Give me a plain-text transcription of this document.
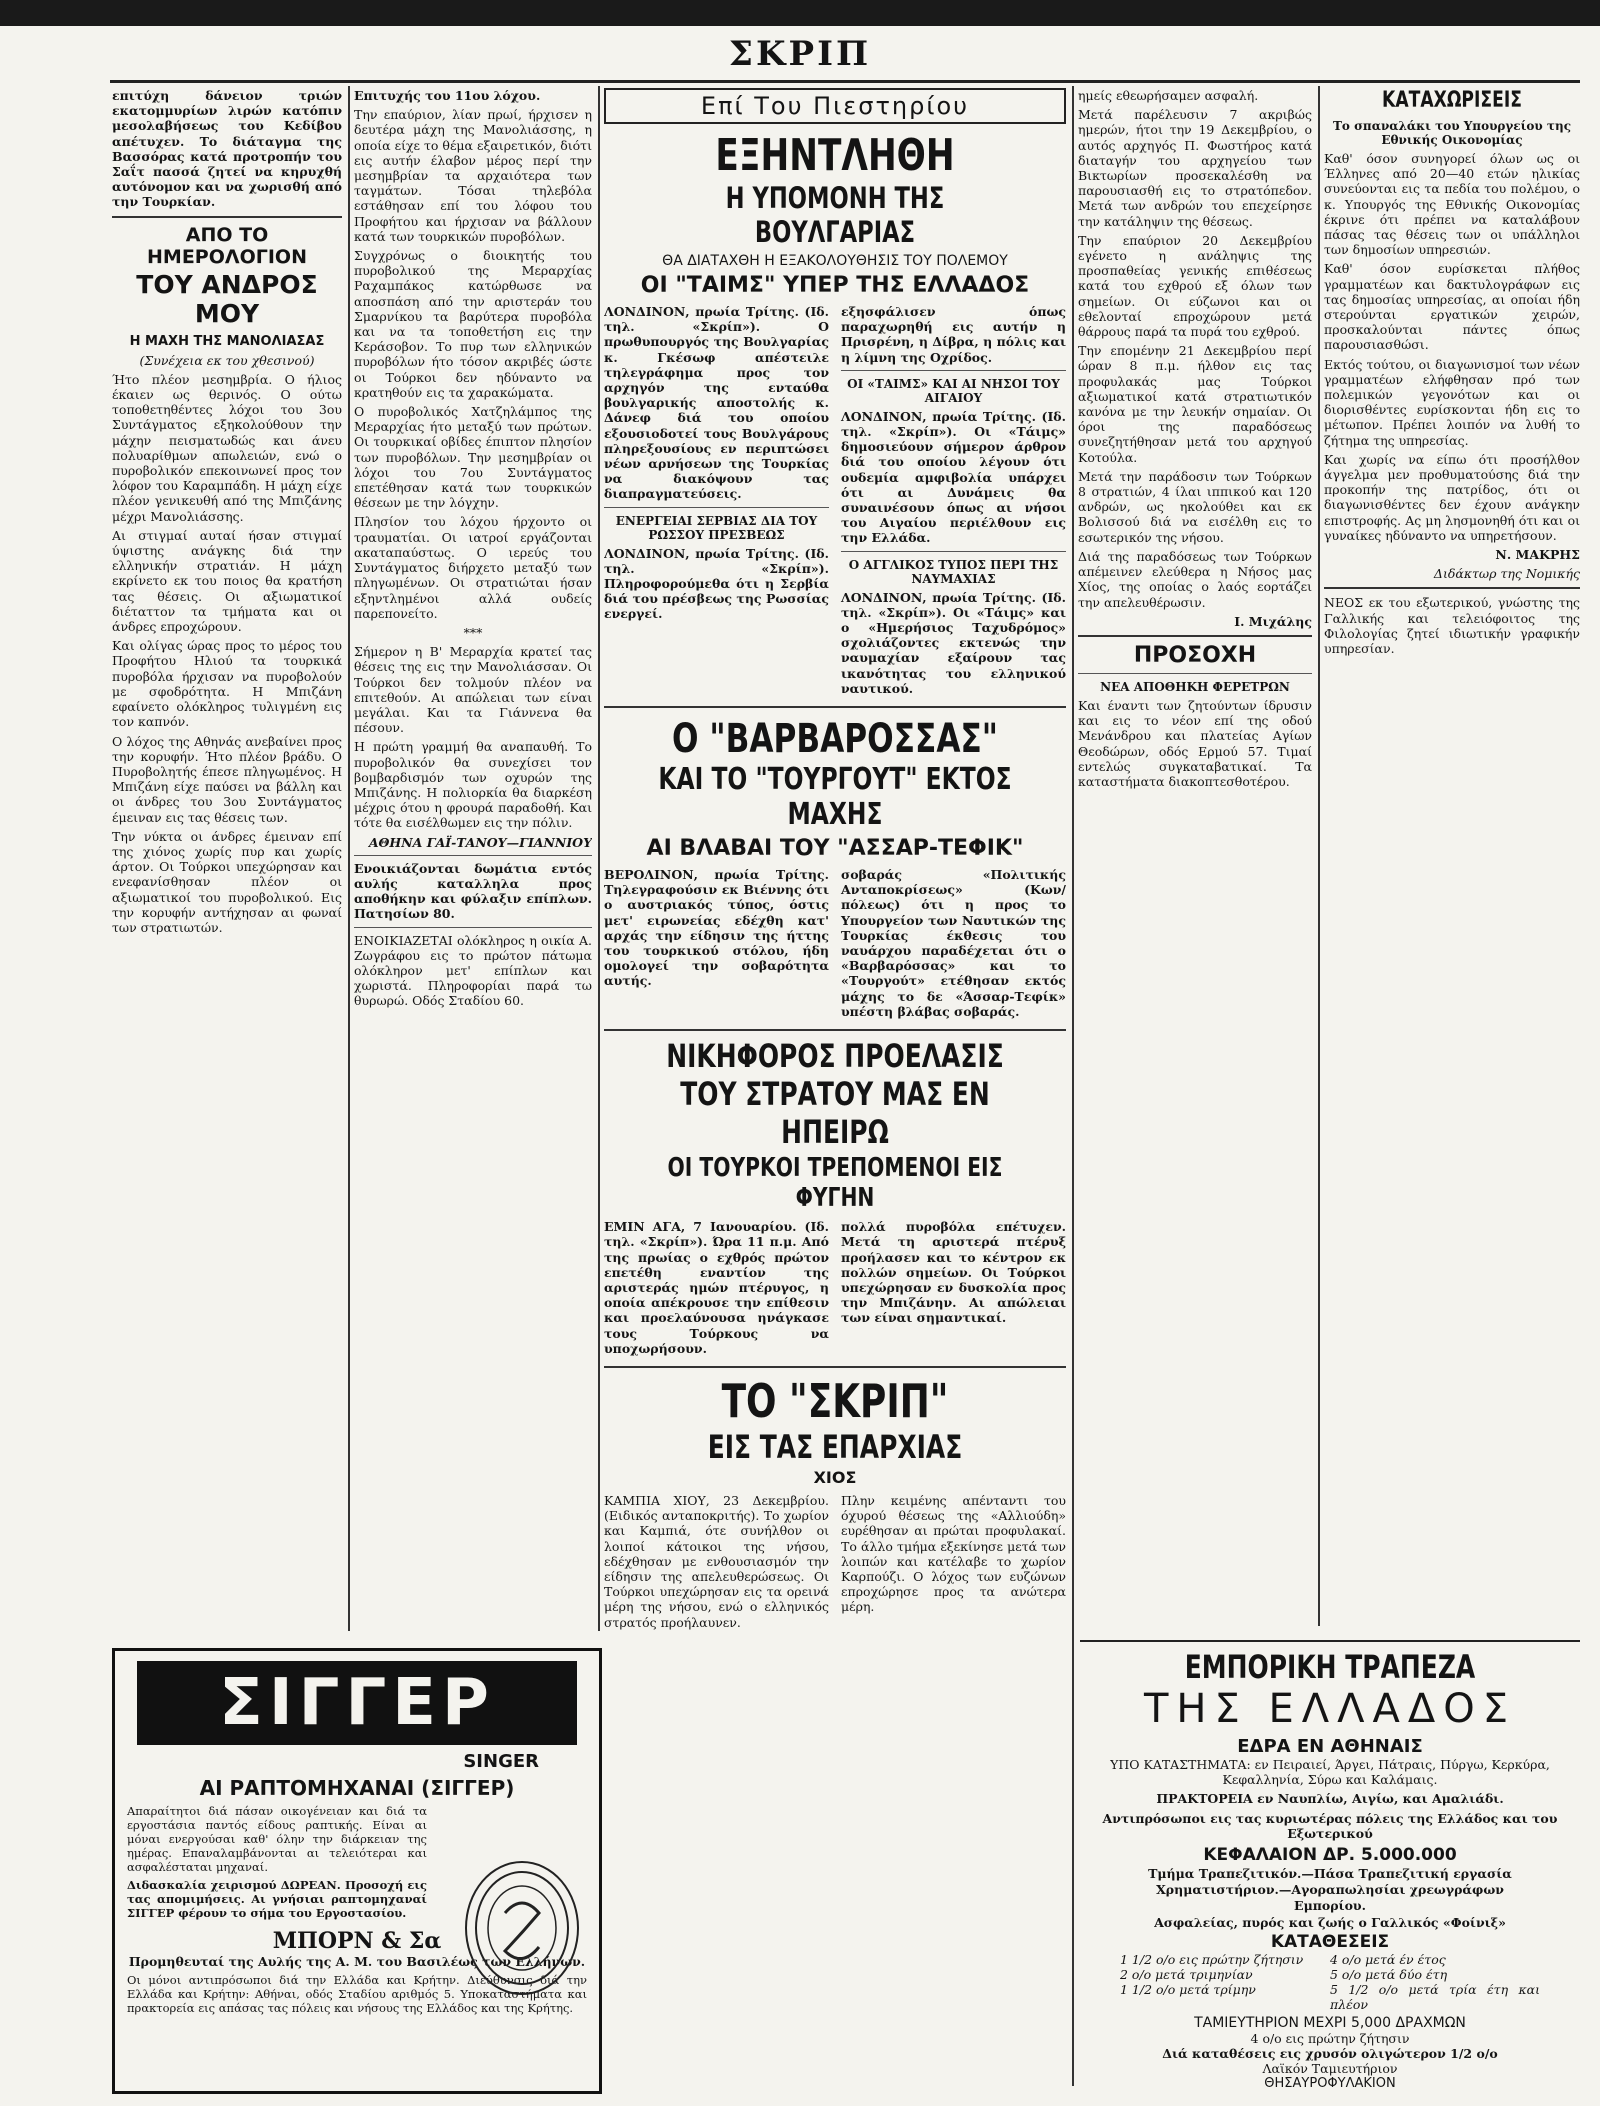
ΣΚΡΙΠ

επιτύχη δάνειον τριών εκατομμυρίων λιρών κατόπιν μεσολαβήσεως του Κεδίβου απέτυχεν. Το διάταγμα της Βασσόρας κατά προτροπήν του Σαΐτ πασσά ζητεί να κηρυχθή αυτόνομον και να χωρισθή από την Τουρκίαν.

ΑΠΟ ΤΟ ΗΜΕΡΟΛΟΓΙΟΝ

ΤΟΥ ΑΝΔΡΟΣ ΜΟΥ

Η ΜΑΧΗ ΤΗΣ ΜΑΝΟΛΙΑΣΑΣ

(Συνέχεια εκ του χθεσινού)

Ήτο πλέον μεσημβρία. Ο ήλιος έκαιεν ως θερινός. Ο ούτω τοποθετηθέντες λόχοι του 3ου Συντάγματος εξηκολούθουν την μάχην πεισματωδώς και άνευ πολυαρίθμων απωλειών, ενώ ο πυροβολικόν επεκοινωνεί προς τον λόφον του Καραμπάδη. Η μάχη είχε πλέον γενικευθή από της Μπιζάνης μέχρι Μανολιάσσης.

Αι στιγμαί αυταί ήσαν στιγμαί ύψιστης ανάγκης διά την ελληνικήν στρατιάν. Η μάχη εκρίνετο εκ του ποιος θα κρατήση τας θέσεις. Οι αξιωματικοί διέταττον τα τμήματα και οι άνδρες επροχώρουν.

Και ολίγας ώρας προς το μέρος του Προφήτου Ηλιού τα τουρκικά πυροβόλα ήρχισαν να πυροβολούν με σφοδρότητα. Η Μπιζάνη εφαίνετο ολόκληρος τυλιγμένη εις τον καπνόν.

Ο λόχος της Αθηνάς ανεβαίνει προς την κορυφήν. Ήτο πλέον βράδυ. Ο Πυροβολητής έπεσε πληγωμένος. Η Μπιζάνη είχε παύσει να βάλλη και οι άνδρες του 3ου Συντάγματος έμειναν εις τας θέσεις των.

Την νύκτα οι άνδρες έμειναν επί της χιόνος χωρίς πυρ και χωρίς άρτον. Οι Τούρκοι υπεχώρησαν και ενεφανίσθησαν πλέον οι αξιωματικοί του πυροβολικού. Εις την κορυφήν αντήχησαν αι φωναί των στρατιωτών.

Επιτυχής του 11ου λόχου.

Την επαύριον, λίαν πρωί, ήρχισεν η δευτέρα μάχη της Μανολιάσσης, η οποία είχε το θέμα εξαιρετικόν, διότι εις αυτήν έλαβον μέρος περί την μεσημβρίαν τα αρχαιότερα των ταγμάτων. Τόσαι τηλεβόλα εστάθησαν επί του λόφου του Προφήτου και ήρχισαν να βάλλουν κατά των τουρκικών πυροβόλων.

Συγχρόνως ο διοικητής του πυροβολικού της Μεραρχίας Ραχαμπάκος κατώρθωσε να αποσπάση από την αριστεράν του Σμαρνίκου τα βαρύτερα πυροβόλα και να τα τοποθετήση εις την Κεράσοβον. Το πυρ των ελληνικών πυροβόλων ήτο τόσον ακριβές ώστε οι Τούρκοι δεν ηδύναντο να κρατηθούν εις τα χαρακώματα.

Ο πυροβολικός Χατζηλάμπος της Μεραρχίας ήτο μεταξύ των πρώτων. Οι τουρκικαί οβίδες έπιπτον πλησίον των πυροβόλων. Την μεσημβρίαν οι λόχοι του 7ου Συντάγματος επετέθησαν κατά των τουρκικών θέσεων με την λόγχην.

Πλησίον του λόχου ήρχοντο οι τραυματίαι. Οι ιατροί εργάζονται ακαταπαύστως. Ο ιερεύς του Συντάγματος διήρχετο μεταξύ των πληγωμένων. Οι στρατιώται ήσαν εξηντλημένοι αλλά ουδείς παρεπονείτο.

***

Σήμερον η Β' Μεραρχία κρατεί τας θέσεις της εις την Μανολιάσσαν. Οι Τούρκοι δεν τολμούν πλέον να επιτεθούν. Αι απώλειαι των είναι μεγάλαι. Και τα Γιάννενα θα πέσουν.

Η πρώτη γραμμή θα αναπαυθή. Το πυροβολικόν θα συνεχίσει τον βομβαρδισμόν των οχυρών της Μπιζάνης. Η πολιορκία θα διαρκέση μέχρις ότου η φρουρά παραδοθή. Και τότε θα εισέλθωμεν εις την πόλιν.

ΑΘΗΝΑ ΓΑΪ-ΤΑΝΟΥ—ΓΙΑΝΝΙΟΥ

Ενοικιάζονται δωμάτια εντός αυλής καταλληλα προς αποθήκην και φύλαξιν επίπλων. Πατησίων 80.

ΕΝΟΙΚΙΑΖΕΤΑΙ ολόκληρος η οικία Α. Ζωγράφου εις το πρώτον πάτωμα ολόκληρον μετ' επίπλων και χωριστά. Πληροφορίαι παρά τω θυρωρώ. Οδός Σταδίου 60.

ΣΙΓΓΕΡ

SINGER

ΑΙ ΡΑΠΤΟΜΗΧΑΝΑΙ (ΣΙΓΓΕΡ)

Απαραίτητοι διά πάσαν οικογένειαν και διά τα εργοστάσια παντός είδους ραπτικής. Είναι αι μόναι ενεργούσαι καθ' όλην την διάρκειαν της ημέρας. Επαναλαμβάνονται αι τελειότεραι και ασφαλέσταται μηχαναί.

Διδασκαλία χειρισμού ΔΩΡΕΑΝ. Προσοχή εις τας απομιμήσεις. Αι γνήσιαι ραπτομηχαναί ΣΙΓΓΕΡ φέρουν το σήμα του Εργοστασίου.

ΜΠΟΡΝ & Σα

Προμηθευταί της Αυλής της Α. Μ. του Βασιλέως των Ελλήνων.

Οι μόνοι αντιπρόσωποι διά την Ελλάδα και Κρήτην. Διεύθυνσις διά την Ελλάδα και Κρήτην: Αθήναι, οδός Σταδίου αριθμός 5. Υποκαταστήματα και πρακτορεία εις απάσας τας πόλεις και νήσους της Ελλάδος και της Κρήτης.

Επί Του Πιεστηρίου

ΕΞΗΝΤΛΗΘΗ

Η ΥΠΟΜΟΝΗ ΤΗΣ ΒΟΥΛΓΑΡΙΑΣ

ΘΑ ΔΙΑΤΑΧΘΗ Η ΕΞΑΚΟΛΟΥΘΗΣΙΣ ΤΟΥ ΠΟΛΕΜΟΥ

ΟΙ "ΤΑΙΜΣ" ΥΠΕΡ ΤΗΣ ΕΛΛΑΔΟΣ

ΛΟΝΔΙΝΟΝ, πρωία Τρίτης. (Ιδ. τηλ. «Σκρίπ»). Ο πρωθυπουργός της Βουλγαρίας κ. Γκέσωφ απέστειλε τηλεγράφημα προς τον αρχηγόν της ενταύθα βουλγαρικής αποστολής κ. Δάνεφ διά του οποίου εξουσιοδοτεί τους Βουλγάρους πληρεξουσίους εν περιπτώσει νέων αρνήσεων της Τουρκίας να διακόψουν τας διαπραγματεύσεις.

ΕΝΕΡΓΕΙΑΙ ΣΕΡΒΙΑΣ ΔΙΑ ΤΟΥ ΡΩΣΣΟΥ ΠΡΕΣΒΕΩΣ

ΛΟΝΔΙΝΟΝ, πρωία Τρίτης. (Ιδ. τηλ. «Σκρίπ»). Πληροφορούμεθα ότι η Σερβία διά του πρέσβεως της Ρωσσίας ενεργεί.

εξησφάλισεν όπως παραχωρηθή εις αυτήν η Πρισρένη, η Δίβρα, η πόλις και η λίμνη της Οχρίδος.

ΟΙ «ΤΑΙΜΣ» ΚΑΙ ΑΙ ΝΗΣΟΙ ΤΟΥ ΑΙΓΑΙΟΥ

ΛΟΝΔΙΝΟΝ, πρωία Τρίτης. (Ιδ. τηλ. «Σκρίπ»). Οι «Τάιμς» δημοσιεύουν σήμερον άρθρον διά του οποίου λέγουν ότι ουδεμία αμφιβολία υπάρχει ότι αι Δυνάμεις θα συναινέσουν όπως αι νήσοι του Αιγαίου περιέλθουν εις την Ελλάδα.

Ο ΑΓΓΛΙΚΟΣ ΤΥΠΟΣ ΠΕΡΙ ΤΗΣ ΝΑΥΜΑΧΙΑΣ

ΛΟΝΔΙΝΟΝ, πρωία Τρίτης. (Ιδ. τηλ. «Σκρίπ»). Οι «Τάιμς» και ο «Ημερήσιος Ταχυδρόμος» σχολιάζοντες εκτενώς την ναυμαχίαν εξαίρουν τας ικανότητας του ελληνικού ναυτικού.

Ο "ΒΑΡΒΑΡΟΣΣΑΣ"

ΚΑΙ ΤΟ "ΤΟΥΡΓΟΥΤ" ΕΚΤΟΣ ΜΑΧΗΣ

ΑΙ ΒΛΑΒΑΙ ΤΟΥ "ΑΣΣΑΡ-ΤΕΦΙΚ"

ΒΕΡΟΛΙΝΟΝ, πρωία Τρίτης. Τηλεγραφούσιν εκ Βιέννης ότι ο αυστριακός τύπος, όστις μετ' ειρωνείας εδέχθη κατ' αρχάς την είδησιν της ήττης του τουρκικού στόλου, ήδη ομολογεί την σοβαρότητα αυτής.

σοβαράς «Πολιτικής Ανταποκρίσεως» (Κων/πόλεως) ότι η προς το Υπουργείον των Ναυτικών της Τουρκίας έκθεσις του ναυάρχου παραδέχεται ότι ο «Βαρβαρόσσας» και το «Τουργούτ» ετέθησαν εκτός μάχης το δε «Άσσαρ-Τεφίκ» υπέστη βλάβας σοβαράς.

ΝΙΚΗΦΟΡΟΣ ΠΡΟΕΛΑΣΙΣ

ΤΟΥ ΣΤΡΑΤΟΥ ΜΑΣ ΕΝ ΗΠΕΙΡΩ

ΟΙ ΤΟΥΡΚΟΙ ΤΡΕΠΟΜΕΝΟΙ ΕΙΣ ΦΥΓΗΝ

ΕΜΙΝ ΑΓΑ, 7 Ιανουαρίου. (Ιδ. τηλ. «Σκρίπ»). Ώρα 11 π.μ. Από της πρωίας ο εχθρός πρώτον επετέθη εναντίον της αριστεράς ημών πτέρυγος, η οποία απέκρουσε την επίθεσιν και προελαύνουσα ηνάγκασε τους Τούρκους να υποχωρήσουν.

πολλά πυροβόλα επέτυχεν. Μετά τη αριστερά πτέρυξ προήλασεν και το κέντρον εκ πολλών σημείων. Οι Τούρκοι υπεχώρησαν εν δυσκολία προς την Μπιζάνην. Αι απώλειαι των είναι σημαντικαί.

ΤΟ "ΣΚΡΙΠ"

ΕΙΣ ΤΑΣ ΕΠΑΡΧΙΑΣ

ΧΙΟΣ

ΚΑΜΠΙΑ ΧΙΟΥ, 23 Δεκεμβρίου. (Ειδικός ανταποκριτής). Το χωρίον και Καμπιά, ότε συνήλθον οι λοιποί κάτοικοι της νήσου, εδέχθησαν με ενθουσιασμόν την είδησιν της απελευθερώσεως. Οι Τούρκοι υπεχώρησαν εις τα ορεινά μέρη της νήσου, ενώ ο ελληνικός στρατός προήλαυνεν.

Πλην κειμένης απένταντι του όχυρού θέσεως της «Αλλιούδη» ευρέθησαν αι πρώται προφυλακαί. Το άλλο τμήμα εξεκίνησε μετά των λοιπών και κατέλαβε το χωρίον Καρπούζι. Ο λόχος των ευζώνων επροχώρησε προς τα ανώτερα μέρη.

ημείς εθεωρήσαμεν ασφαλή.

Μετά παρέλευσιν 7 ακριβώς ημερών, ήτοι την 19 Δεκεμβρίου, ο αυτός αρχηγός Π. Φωστήρος κατά διαταγήν του αρχηγείου των Βικτωρίων προσεκαλέσθη να παρουσιασθή εις το στρατόπεδον. Μετά των ανδρών του επεχείρησε την κατάληψιν της θέσεως.

Την επαύριον 20 Δεκεμβρίου εγένετο η ανάληψις της προσπαθείας γενικής επιθέσεως κατά του εχθρού εξ όλων των σημείων. Οι εύζωνοι και οι εθελονταί επροχώρουν μετά θάρρους παρά τα πυρά του εχθρού.

Την επομένην 21 Δεκεμβρίου περί ώραν 8 π.μ. ήλθον εις τας προφυλακάς μας Τούρκοι αξιωματικοί κατά στρατιωτικόν κανόνα με την λευκήν σημαίαν. Οι όροι της παραδόσεως συνεζητήθησαν μετά του αρχηγού Κοτούλα.

Μετά την παράδοσιν των Τούρκων 8 στρατιών, 4 ίλαι ιππικού και 120 ανδρών, ως ηκολούθει και εκ Βολισσού διά να εισέλθη εις το εσωτερικόν της νήσου.

Διά της παραδόσεως των Τούρκων απέμεινεν ελεύθερα η Νήσος μας Χίος, της οποίας ο λαός εορτάζει την απελευθέρωσιν.

Ι. Μιχάλης

ΠΡΟΣΟΧΗ

ΝΕΑ ΑΠΟΘΗΚΗ ΦΕΡΕΤΡΩΝ

Και έναντι των ζητούντων ίδρυσιν και εις το νέον επί της οδού Μενάνδρου και πλατείας Αγίων Θεοδώρων, οδός Ερμού 57. Τιμαί εντελώς συγκαταβατικαί. Τα καταστήματα διακοπτεσθοτέρου.

ΚΑΤΑΧΩΡΙΣΕΙΣ

Το σπαναλάκι του Υπουργείου της Εθνικής Οικονομίας

Καθ' όσον συνηγορεί όλων ως οι Έλληνες από 20—40 ετών ηλικίας συνεύονται εις τα πεδία του πολέμου, ο κ. Υπουργός της Εθνικής Οικονομίας έκρινε ότι πρέπει να καταλάβουν πάσας τας θέσεις των οι υπάλληλοι των δημοσίων υπηρεσιών.

Καθ' όσον ευρίσκεται πλήθος γραμματέων και δακτυλογράφων εις τας δημοσίας υπηρεσίας, αι οποίαι ήδη στερούνται εργατικών χειρών, προσκαλούνται πάντες όπως παρουσιασθώσι.

Εκτός τούτου, οι διαγωνισμοί των νέων γραμματέων ελήφθησαν πρό των πολεμικών γεγονότων και οι διορισθέντες ευρίσκονται ήδη εις το μέτωπον. Πρέπει λοιπόν να λυθή το ζήτημα της υπηρεσίας.

Και χωρίς να είπω ότι προσήλθον άγγελμα μεν προθυματούσης διά την προκοπήν της πατρίδος, ότι οι διαγωνισθέντες δεν έχουν ανάγκην επιστροφής. Ας μη λησμονηθή ότι και οι γυναίκες ηδύναντο να υπηρετήσουν.

Ν. ΜΑΚΡΗΣ

Διδάκτωρ της Νομικής

ΝΕΟΣ εκ του εξωτερικού, γνώστης της Γαλλικής και τελειόφοιτος της Φιλολογίας ζητεί ιδιωτικήν γραφικήν υπηρεσίαν.

ΕΜΠΟΡΙΚΗ ΤΡΑΠΕΖΑ

ΤΗΣ ΕΛΛΑΔΟΣ

ΕΔΡΑ ΕΝ ΑΘΗΝΑΙΣ

ΥΠΟ ΚΑΤΑΣΤΗΜΑΤΑ: εν Πειραιεί, Άργει, Πάτραις, Πύργω, Κερκύρα, Κεφαλληνία, Σύρω και Καλάμαις.

ΠΡΑΚΤΟΡΕΙΑ εν Ναυπλίω, Αιγίω, και Αμαλιάδι.

Αντιπρόσωποι εις τας κυριωτέρας πόλεις της Ελλάδος και του Εξωτερικού

ΚΕΦΑΛΑΙΟΝ ΔΡ. 5.000.000

Τμήμα Τραπεζιτικόν.—Πάσα Τραπεζιτική εργασία

Χρηματιστήριον.—Αγοραπωλησίαι χρεωγράφων

Εμπορίου.

Ασφαλείας, πυρός και ζωής ο Γαλλικός «Φοίνιξ»

ΚΑΤΑΘΕΣΕΙΣ

1 1/2 ο/ο εις πρώτην ζήτησιν	4 ο/ο μετά έν έτος

2 ο/ο μετά τριμηνίαν	5 ο/ο μετά δύο έτη

1 1/2 ο/ο μετά τρίμην	5 1/2 ο/ο μετά τρία έτη και πλέον

ΤΑΜΙΕΥΤΗΡΙΟΝ ΜΕΧΡΙ 5,000 ΔΡΑΧΜΩΝ

4 ο/ο εις πρώτην ζήτησιν

Διά καταθέσεις εις χρυσόν ολιγώτερον 1/2 ο/ο

Λαϊκόν Ταμιευτήριον

ΘΗΣΑΥΡΟΦΥΛΑΚΙΟΝ
